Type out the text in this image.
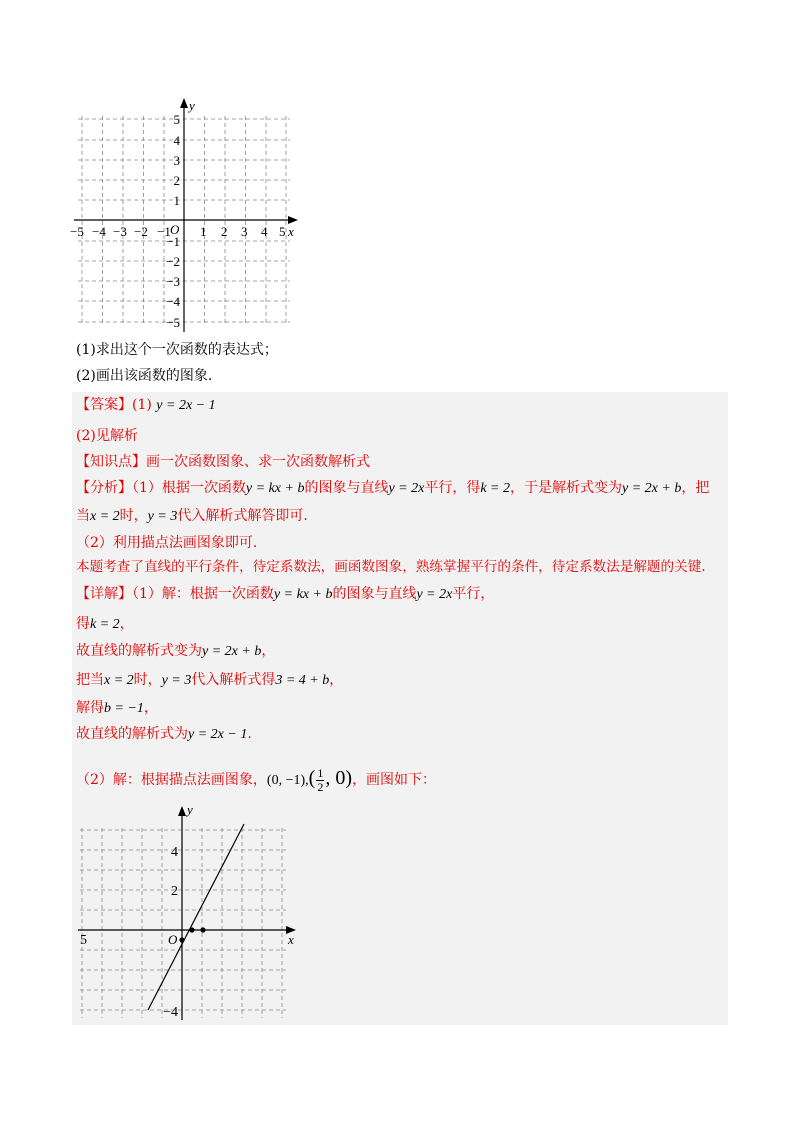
x
y
O
−5 −4 −3 −2 −1 1 2 3 4 5
5
4
3
2
1
−1
−2
−3
−4
−5
(1)求出这个一次函数的表达式；
(2)画出该函数的图象.
【答案】(1) y = 2x − 1
(2)见解析
【知识点】画一次函数图象、求一次函数解析式
【分析】（1）根据一次函数y = kx + b的图象与直线y = 2x平行，得k = 2，于是解析式变为y = 2x + b，把
当x = 2时，y = 3代入解析式解答即可.
（2）利用描点法画图象即可.
本题考查了直线的平行条件，待定系数法，画函数图象，熟练掌握平行的条件，待定系数法是解题的关键.
【详解】（1）解：根据一次函数y = kx + b的图象与直线y = 2x平行，
得k = 2，
故直线的解析式变为y = 2x + b，
把当x = 2时，y = 3代入解析式得3 = 4 + b，
解得b = −1，
故直线的解析式为y = 2x − 1.
（2）解：根据描点法画图象，(0, $-1),( \frac{1}{2}$ , 0)，画图如下：
x
y
O
5
4
2
−4
